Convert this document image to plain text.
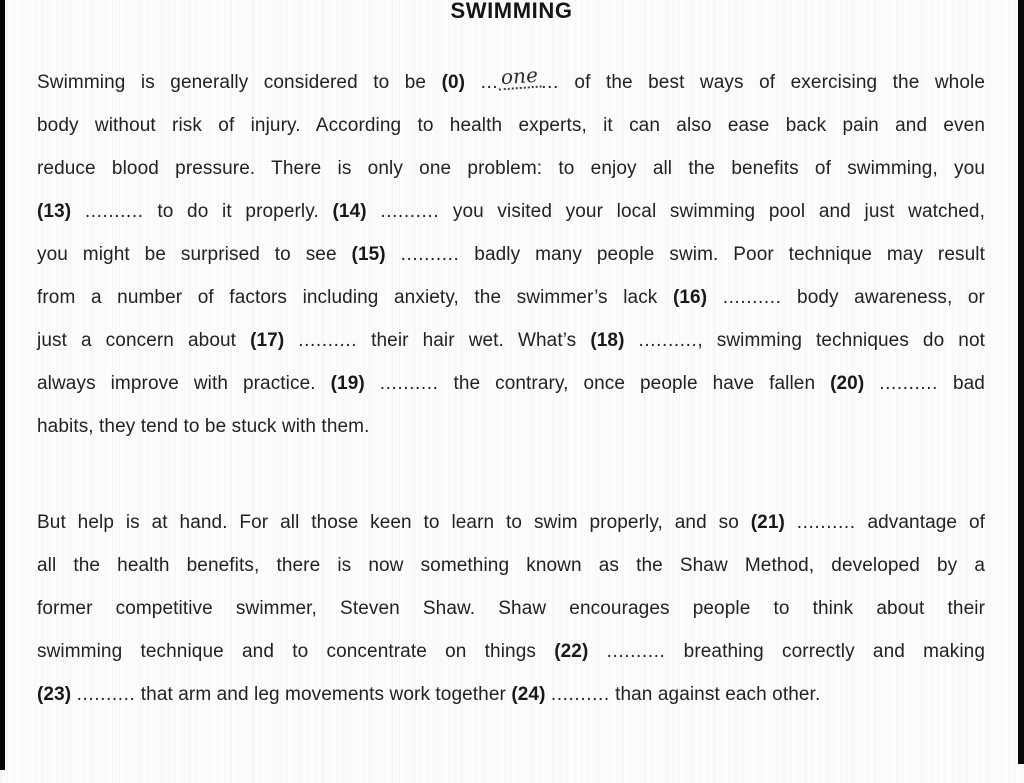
SWIMMING
Swimming is generally considered to be (0) ... one ... of the best ways of exercising the whole
body without risk of injury. According to health experts, it can also ease back pain and even
reduce blood pressure. There is only one problem: to enjoy all the benefits of swimming, you
(13) .......... to do it properly. (14) .......... you visited your local swimming pool and just watched,
you might be surprised to see (15) .......... badly many people swim. Poor technique may result
from a number of factors including anxiety, the swimmer’s lack (16) .......... body awareness, or
just a concern about (17) .......... their hair wet. What’s (18) .........., swimming techniques do not
always improve with practice. (19) .......... the contrary, once people have fallen (20) .......... bad
habits, they tend to be stuck with them.
But help is at hand. For all those keen to learn to swim properly, and so (21) .......... advantage of
all the health benefits, there is now something known as the Shaw Method, developed by a
former competitive swimmer, Steven Shaw. Shaw encourages people to think about their
swimming technique and to concentrate on things (22) .......... breathing correctly and making
(23) .......... that arm and leg movements work together (24) .......... than against each other.
